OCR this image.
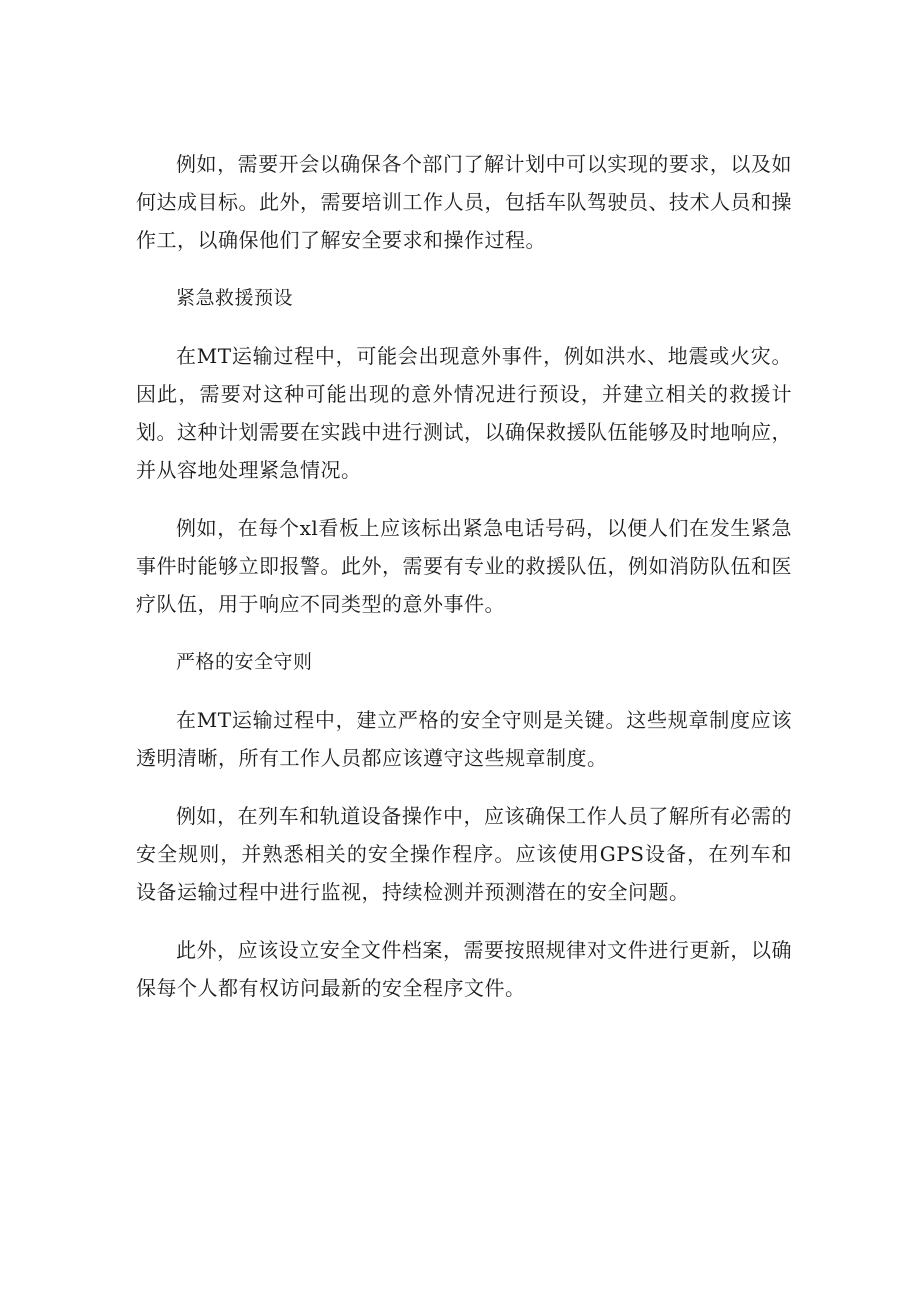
例如，需要开会以确保各个部门了解计划中可以实现的要求，以及如何达成目标。此外，需要培训工作人员，包括车队驾驶员、技术人员和操作工，以确保他们了解安全要求和操作过程。

紧急救援预设

在MT运输过程中，可能会出现意外事件，例如洪水、地震或火灾。因此，需要对这种可能出现的意外情况进行预设，并建立相关的救援计划。这种计划需要在实践中进行测试，以确保救援队伍能够及时地响应，并从容地处理紧急情况。

例如，在每个xl看板上应该标出紧急电话号码，以便人们在发生紧急事件时能够立即报警。此外，需要有专业的救援队伍，例如消防队伍和医疗队伍，用于响应不同类型的意外事件。

严格的安全守则

在MT运输过程中，建立严格的安全守则是关键。这些规章制度应该透明清晰，所有工作人员都应该遵守这些规章制度。

例如，在列车和轨道设备操作中，应该确保工作人员了解所有必需的安全规则，并熟悉相关的安全操作程序。应该使用GPS设备，在列车和设备运输过程中进行监视，持续检测并预测潜在的安全问题。

此外，应该设立安全文件档案，需要按照规律对文件进行更新，以确保每个人都有权访问最新的安全程序文件。
